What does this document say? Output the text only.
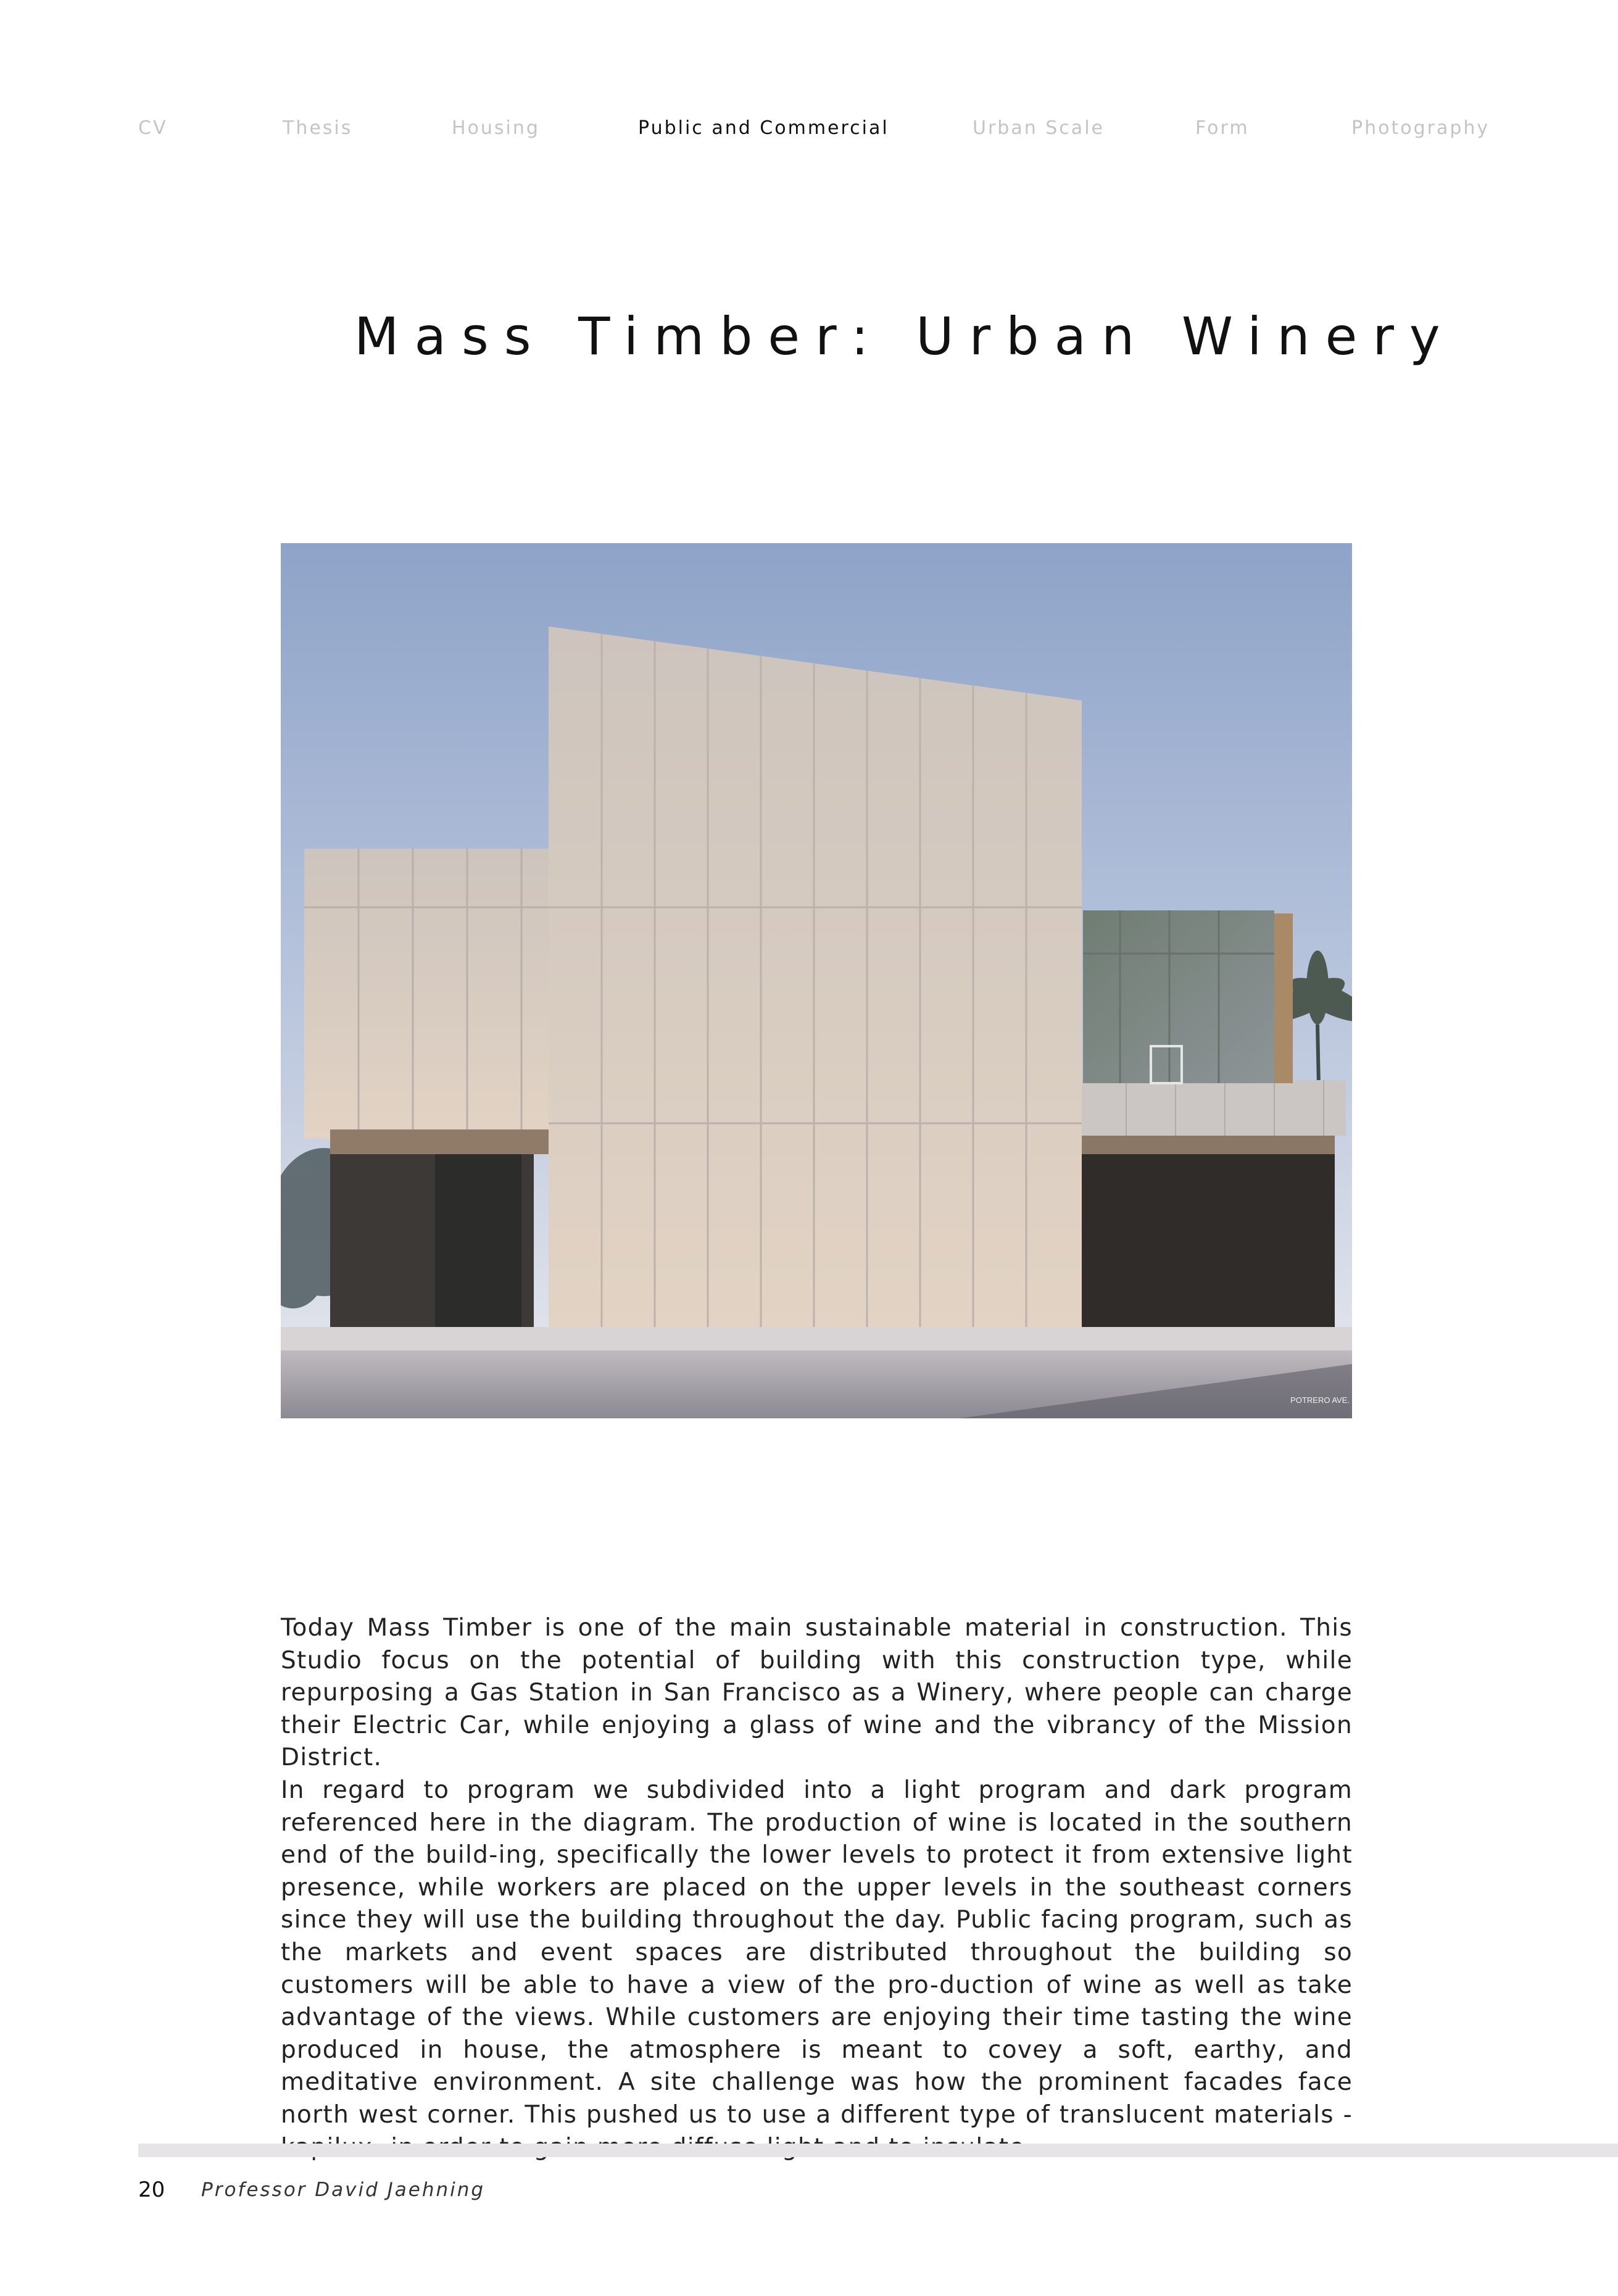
CV	Thesis	Housing	Public and Commercial	Urban Scale	Form	Photography
Mass Timber: Urban Winery
POTRERO AVE.

Today Mass Timber is one of the main sustainable material in construction. This Studio focus on the potential of building with this construction type, while repurposing a Gas Station in San Francisco as a Winery, where people can charge their Electric Car, while enjoying a glass of wine and the vibrancy of the Mission District.

In regard to program we subdivided into a light program and dark program referenced here in the diagram. The production of wine is located in the southern end of the build-ing, specifically the lower levels to protect it from extensive light presence, while workers are placed on the upper levels in the southeast corners since they will use the building throughout the day. Public facing program, such as the markets and event spaces are distributed throughout the building so customers will be able to have a view of the pro-duction of wine as well as take advantage of the views. While customers are enjoying their time tasting the wine produced in house, the atmosphere is meant to covey a soft, earthy, and meditative environment. A site challenge was how the prominent facades face north west corner. This pushed us to use a different type of translucent materials -

20 Professor David Jaehning
